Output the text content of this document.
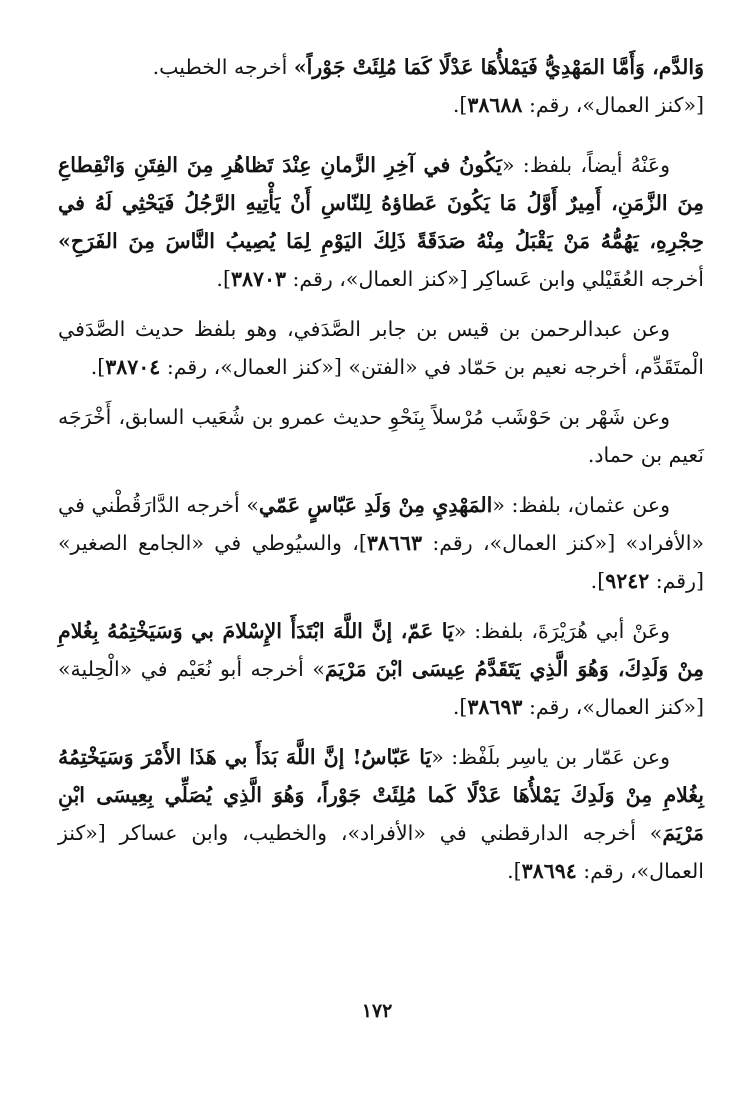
وَالدَّم، وَأَمَّا المَهْدِيُّ فَيَمْلأُهَا عَدْلًا كَمَا مُلِئَتْ جَوْراً» أخرجه الخطيب.
[«كنز العمال»، رقم: ٣٨٦٨٨].

وعَنْهُ أيضاً، بلفظ: «يَكُونُ في آخِرِ الزَّمانِ عِنْدَ تَظاهُرِ مِنَ الفِتَنِ وَانْقِطاعِ مِنَ الزَّمَنِ، أَمِيرٌ أَوَّلُ مَا يَكُونَ عَطاؤهُ لِلنّاسِ أَنْ يَأْتِيهِ الرَّجُلُ فَيَحْثِي لَهُ في حِجْرِهِ، يَهُمُّهُ مَنْ يَقْبَلُ مِنْهُ صَدَقَةً ذَلِكَ اليَوْمِ لِمَا يُصِيبُ النَّاسَ مِنَ الفَرَحِ» أخرجه العُقَيْلي وابن عَساكِر [«كنز العمال»، رقم: ٣٨٧٠٣].

وعن عبدالرحمن بن قيس بن جابر الصَّدَفي، وهو بلفظ حديث الصَّدَفي الْمتَقَدِّم، أخرجه نعيم بن حَمّاد في «الفتن» [«كنز العمال»، رقم: ٣٨٧٠٤].

وعن شَهْر بن حَوْشَب مُرْسلاً بِنَحْوِ حديث عمرو بن شُعَيب السابق، أَخْرَجَه نَعيم بن حماد.

وعن عثمان، بلفظ: «المَهْدِيِ مِنْ وَلَدِ عَبّاسٍ عَمّي» أخرجه الدَّارَقُطْني في «الأفراد» [«كنز العمال»، رقم: ٣٨٦٦٣]، والسيُوطي في «الجامع الصغير» [رقم: ٩٢٤٢].

وعَنْ أبي هُرَيْرَةَ، بلفظ: «يَا عَمّ، إنَّ اللَّهَ ابْتَدَأَ الإِسْلامَ بي وَسَيَخْتِمُهُ بِغُلامِ مِنْ وَلَدِكَ، وَهُوَ الَّذِي يَتَقَدَّمُ عِيسَى ابْنَ مَرْيَمَ» أخرجه أبو نُعَيْم في «الْحِلية» [«كنز العمال»، رقم: ٣٨٦٩٣].

وعن عَمّار بن ياسِر بلَفْظ: «يَا عَبّاسُ! إنَّ اللَّهَ بَدَأَ بي هَذَا الأَمْرَ وَسَيَخْتِمُهُ بِغُلامِ مِنْ وَلَدِكَ يَمْلأُهَا عَدْلًا كَما مُلِئَتْ جَوْراً، وَهُوَ الَّذِي يُصَلِّي بِعِيسَى ابْنِ مَرْيَمَ» أخرجه الدارقطني في «الأفراد»، والخطيب، وابن عساكر [«كنز العمال»، رقم: ٣٨٦٩٤].

١٧٢
